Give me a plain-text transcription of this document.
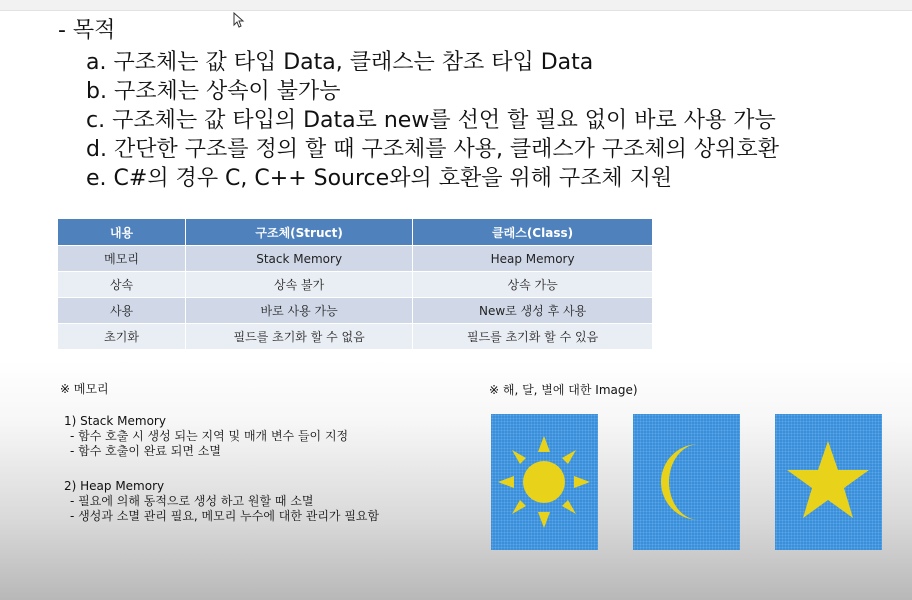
- 목적
a. 구조체는 값 타입 Data, 클래스는 참조 타입 Data
b. 구조체는 상속이 불가능
c. 구조체는 값 타입의 Data로 new를 선언 할 필요 없이 바로 사용 가능
d. 간단한 구조를 정의 할 때 구조체를 사용, 클래스가 구조체의 상위호환
e. C#의 경우 C, C++ Source와의 호환을 위해 구조체 지원
내용	구조체(Struct)	클래스(Class)
메모리	Stack Memory	Heap Memory
상속	상속 불가	상속 가능
사용	바로 사용 가능	New로 생성 후 사용
초기화	필드를 초기화 할 수 없음	필드를 초기화 할 수 있음
※ 메모리
1) Stack Memory
- 함수 호출 시 생성 되는 지역 및 매개 변수 들이 지정
- 함수 호출이 완료 되면 소멸
2) Heap Memory
- 필요에 의해 동적으로 생성 하고 원할 때 소멸
- 생성과 소멸 관리 필요, 메모리 누수에 대한 관리가 필요함
※ 해, 달, 별에 대한 Image)
